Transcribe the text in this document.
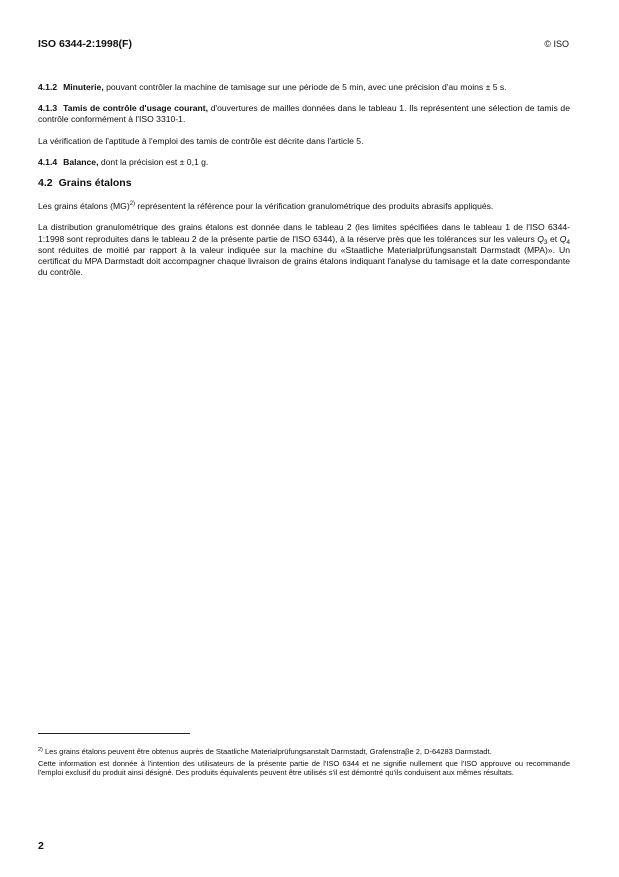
ISO 6344-2:1998(F)	© ISO

4.1.2 Minuterie, pouvant contrôler la machine de tamisage sur une période de 5 min, avec une précision d'au moins ± 5 s.

4.1.3 Tamis de contrôle d'usage courant, d'ouvertures de mailles données dans le tableau 1. Ils représentent une sélection de tamis de contrôle conformément à l'ISO 3310-1.

La vérification de l'aptitude à l'emploi des tamis de contrôle est décrite dans l'article 5.

4.1.4 Balance, dont la précision est ± 0,1 g.

4.2 Grains étalons

Les grains étalons (MG)$^{2)}$ représentent la référence pour la vérification granulométrique des produits abrasifs appliqués.

La distribution granulométrique des grains étalons est donnée dans le tableau 2 (les limites spécifiées dans le tableau 1 de l'ISO 6344-1:1998 sont reproduites dans le tableau 2 de la présente partie de l'ISO 6344), à la réserve près que les tolérances sur les valeurs $Q_3$ et $Q_4$ sont réduites de moitié par rapport à la valeur indiquée sur la machine du «Staatliche Materialprüfungsanstalt Darmstadt (MPA)». Un certificat du MPA Darmstadt doit accompagner chaque livraison de grains étalons indiquant l'analyse du tamisage et la date correspondante du contrôle.

$^{2)}$ Les grains étalons peuvent être obtenus auprès de Staatliche Materialprüfungsanstalt Darmstadt, Grafenstraβe 2, D-64283 Darmstadt.

Cette information est donnée à l'intention des utilisateurs de la présente partie de l'ISO 6344 et ne signifie nullement que l'ISO approuve ou recommande l'emploi exclusif du produit ainsi désigné. Des produits équivalents peuvent être utilisés s'il est démontré qu'ils conduisent aux mêmes résultats.

2
